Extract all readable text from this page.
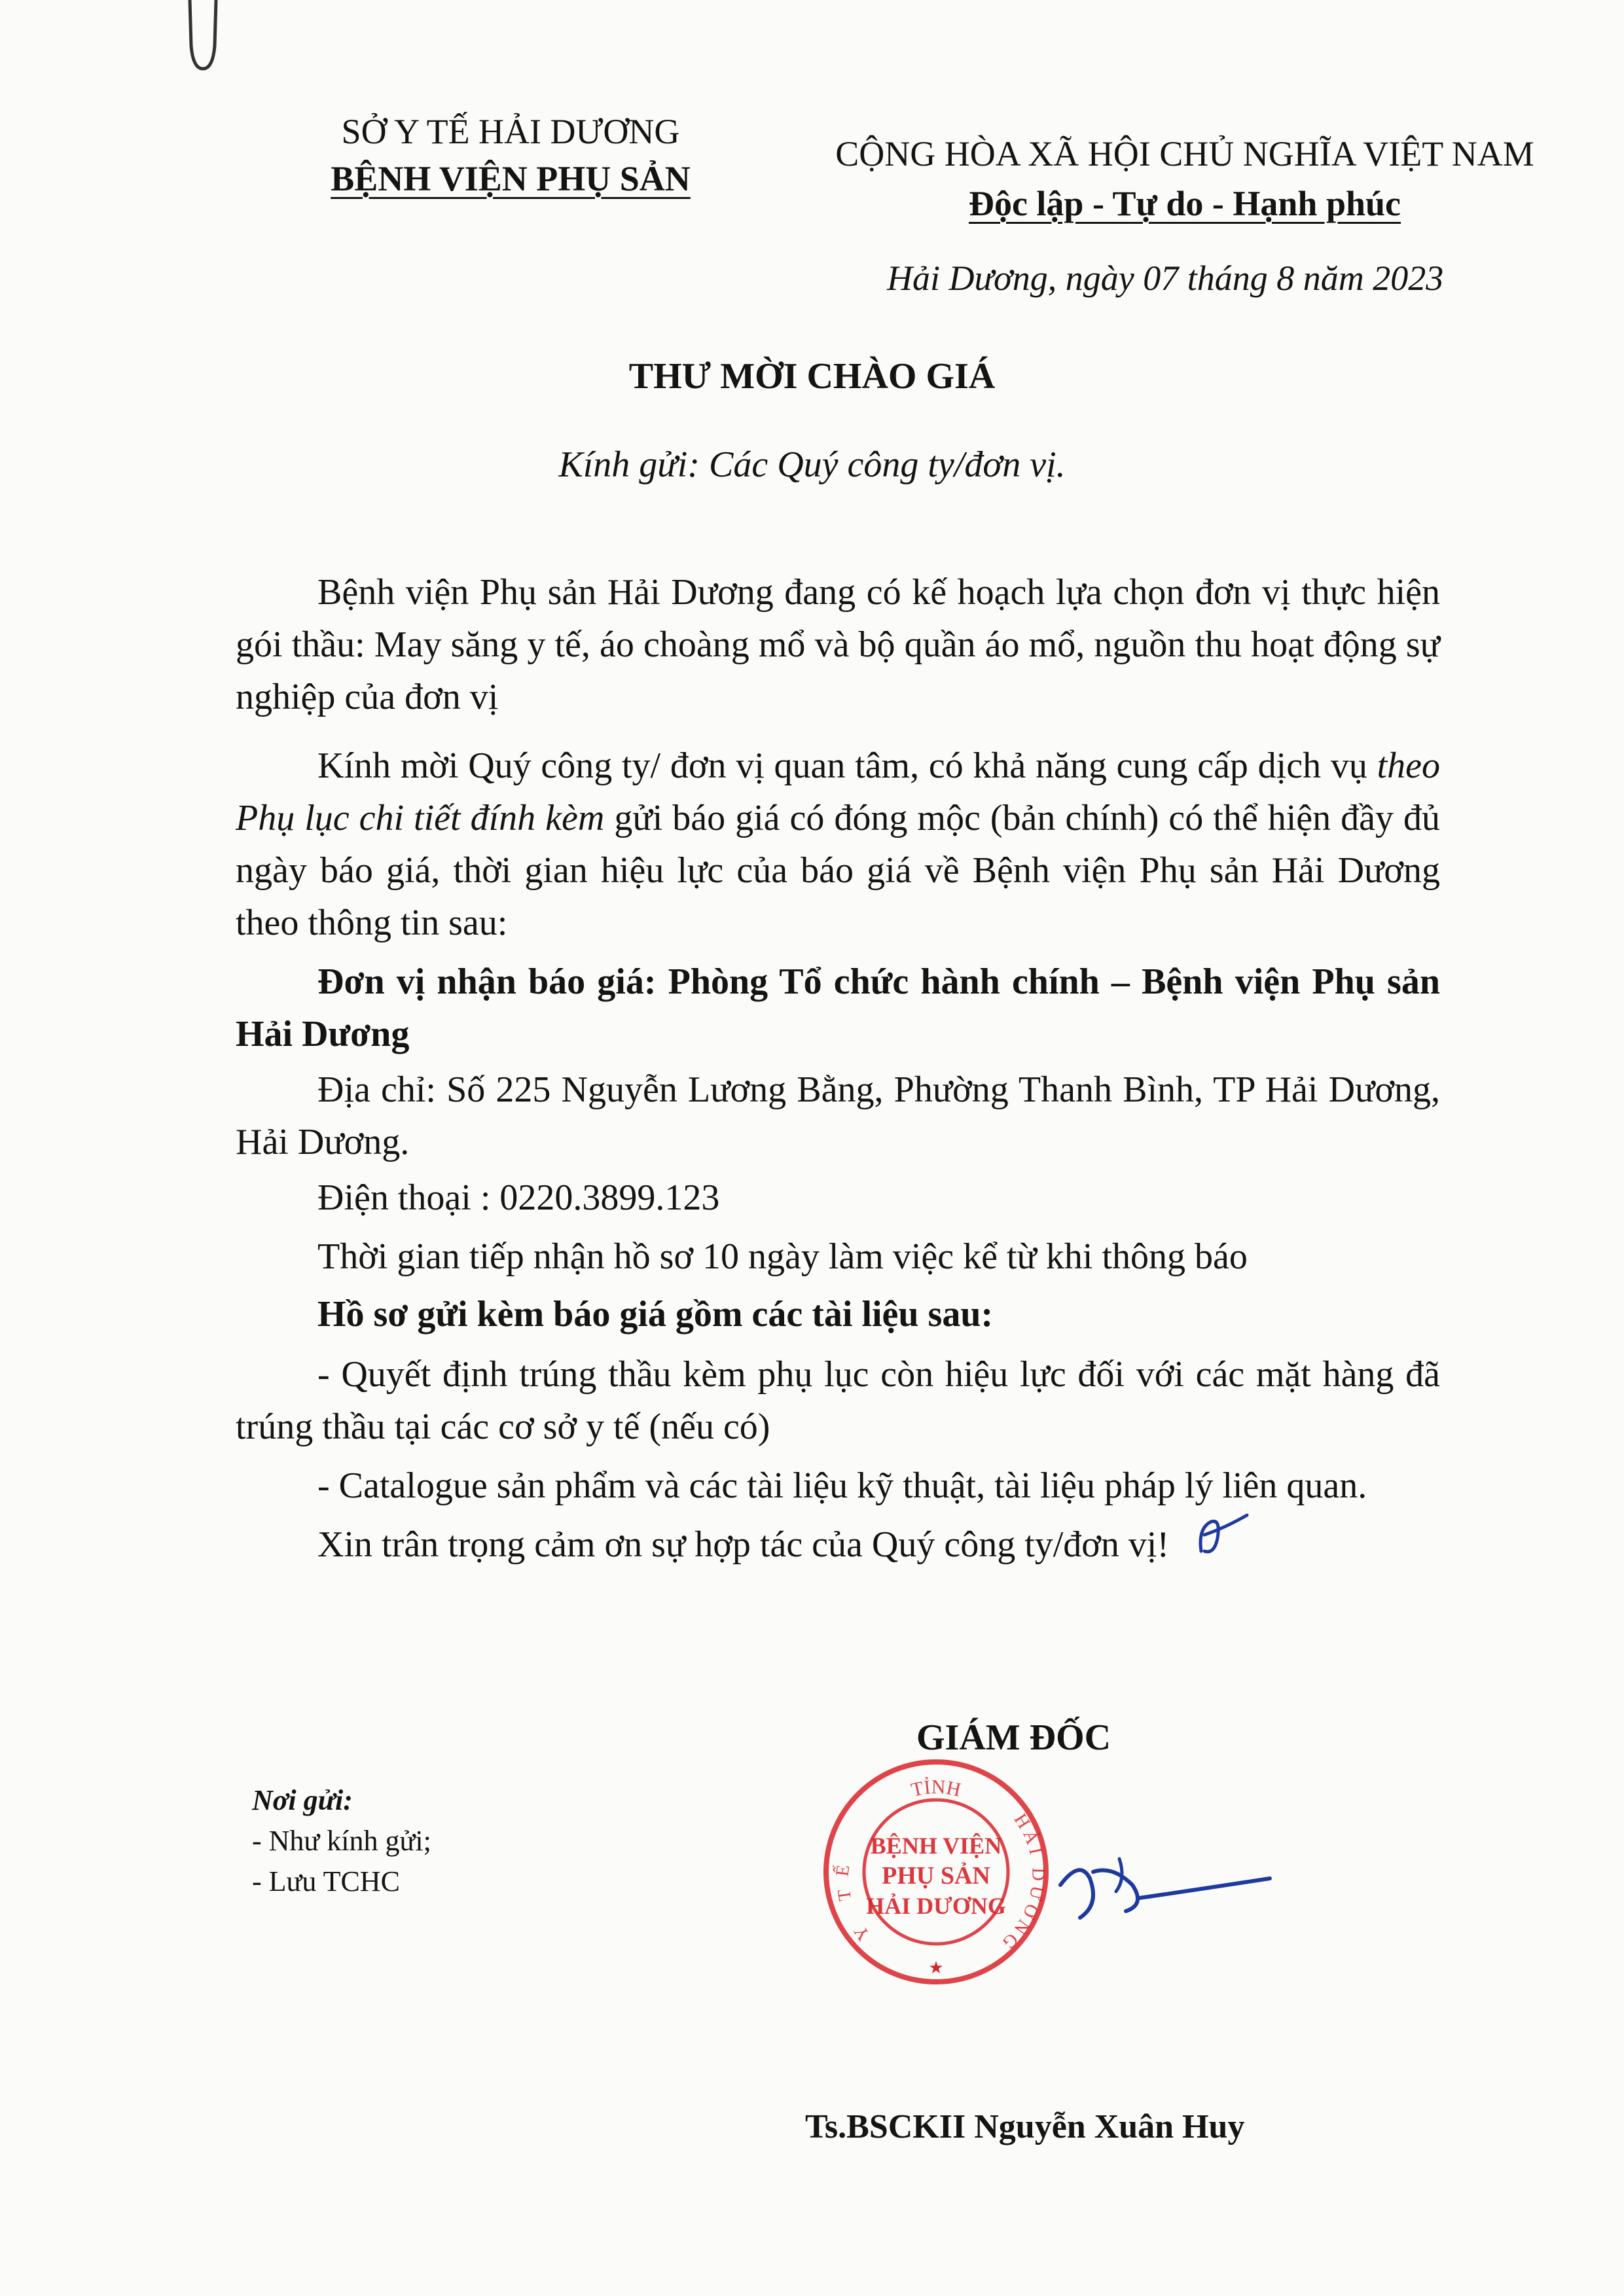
SỞ Y TẾ HẢI DƯƠNG
BỆNH VIỆN PHỤ SẢN
CỘNG HÒA XÃ HỘI CHỦ NGHĨA VIỆT NAM
Độc lập - Tự do - Hạnh phúc
Hải Dương, ngày 07 tháng 8 năm 2023
THƯ MỜI CHÀO GIÁ
Kính gửi: Các Quý công ty/đơn vị.
Bệnh viện Phụ sản Hải Dương đang có kế hoạch lựa chọn đơn vị thực hiện gói thầu: May săng y tế, áo choàng mổ và bộ quần áo mổ, nguồn thu hoạt động sự nghiệp của đơn vị
Kính mời Quý công ty/ đơn vị quan tâm, có khả năng cung cấp dịch vụ theo Phụ lục chi tiết đính kèm gửi báo giá có đóng mộc (bản chính) có thể hiện đầy đủ ngày báo giá, thời gian hiệu lực của báo giá về Bệnh viện Phụ sản Hải Dương theo thông tin sau:
Đơn vị nhận báo giá: Phòng Tổ chức hành chính – Bệnh viện Phụ sản Hải Dương
Địa chỉ: Số 225 Nguyễn Lương Bằng, Phường Thanh Bình, TP Hải Dương, Hải Dương.
Điện thoại : 0220.3899.123
Thời gian tiếp nhận hồ sơ 10 ngày làm việc kể từ khi thông báo
Hồ sơ gửi kèm báo giá gồm các tài liệu sau:
- Quyết định trúng thầu kèm phụ lục còn hiệu lực đối với các mặt hàng đã trúng thầu tại các cơ sở y tế (nếu có)
- Catalogue sản phẩm và các tài liệu kỹ thuật, tài liệu pháp lý liên quan.
Xin trân trọng cảm ơn sự hợp tác của Quý công ty/đơn vị!
GIÁM ĐỐC
Nơi gửi:
- Như kính gửi;
- Lưu TCHC
TỈNH
Y TẾ
HẢI DƯƠNG
BỆNH VIỆN
PHỤ SẢN
HẢI DƯƠNG
★
Ts.BSCKII Nguyễn Xuân Huy
